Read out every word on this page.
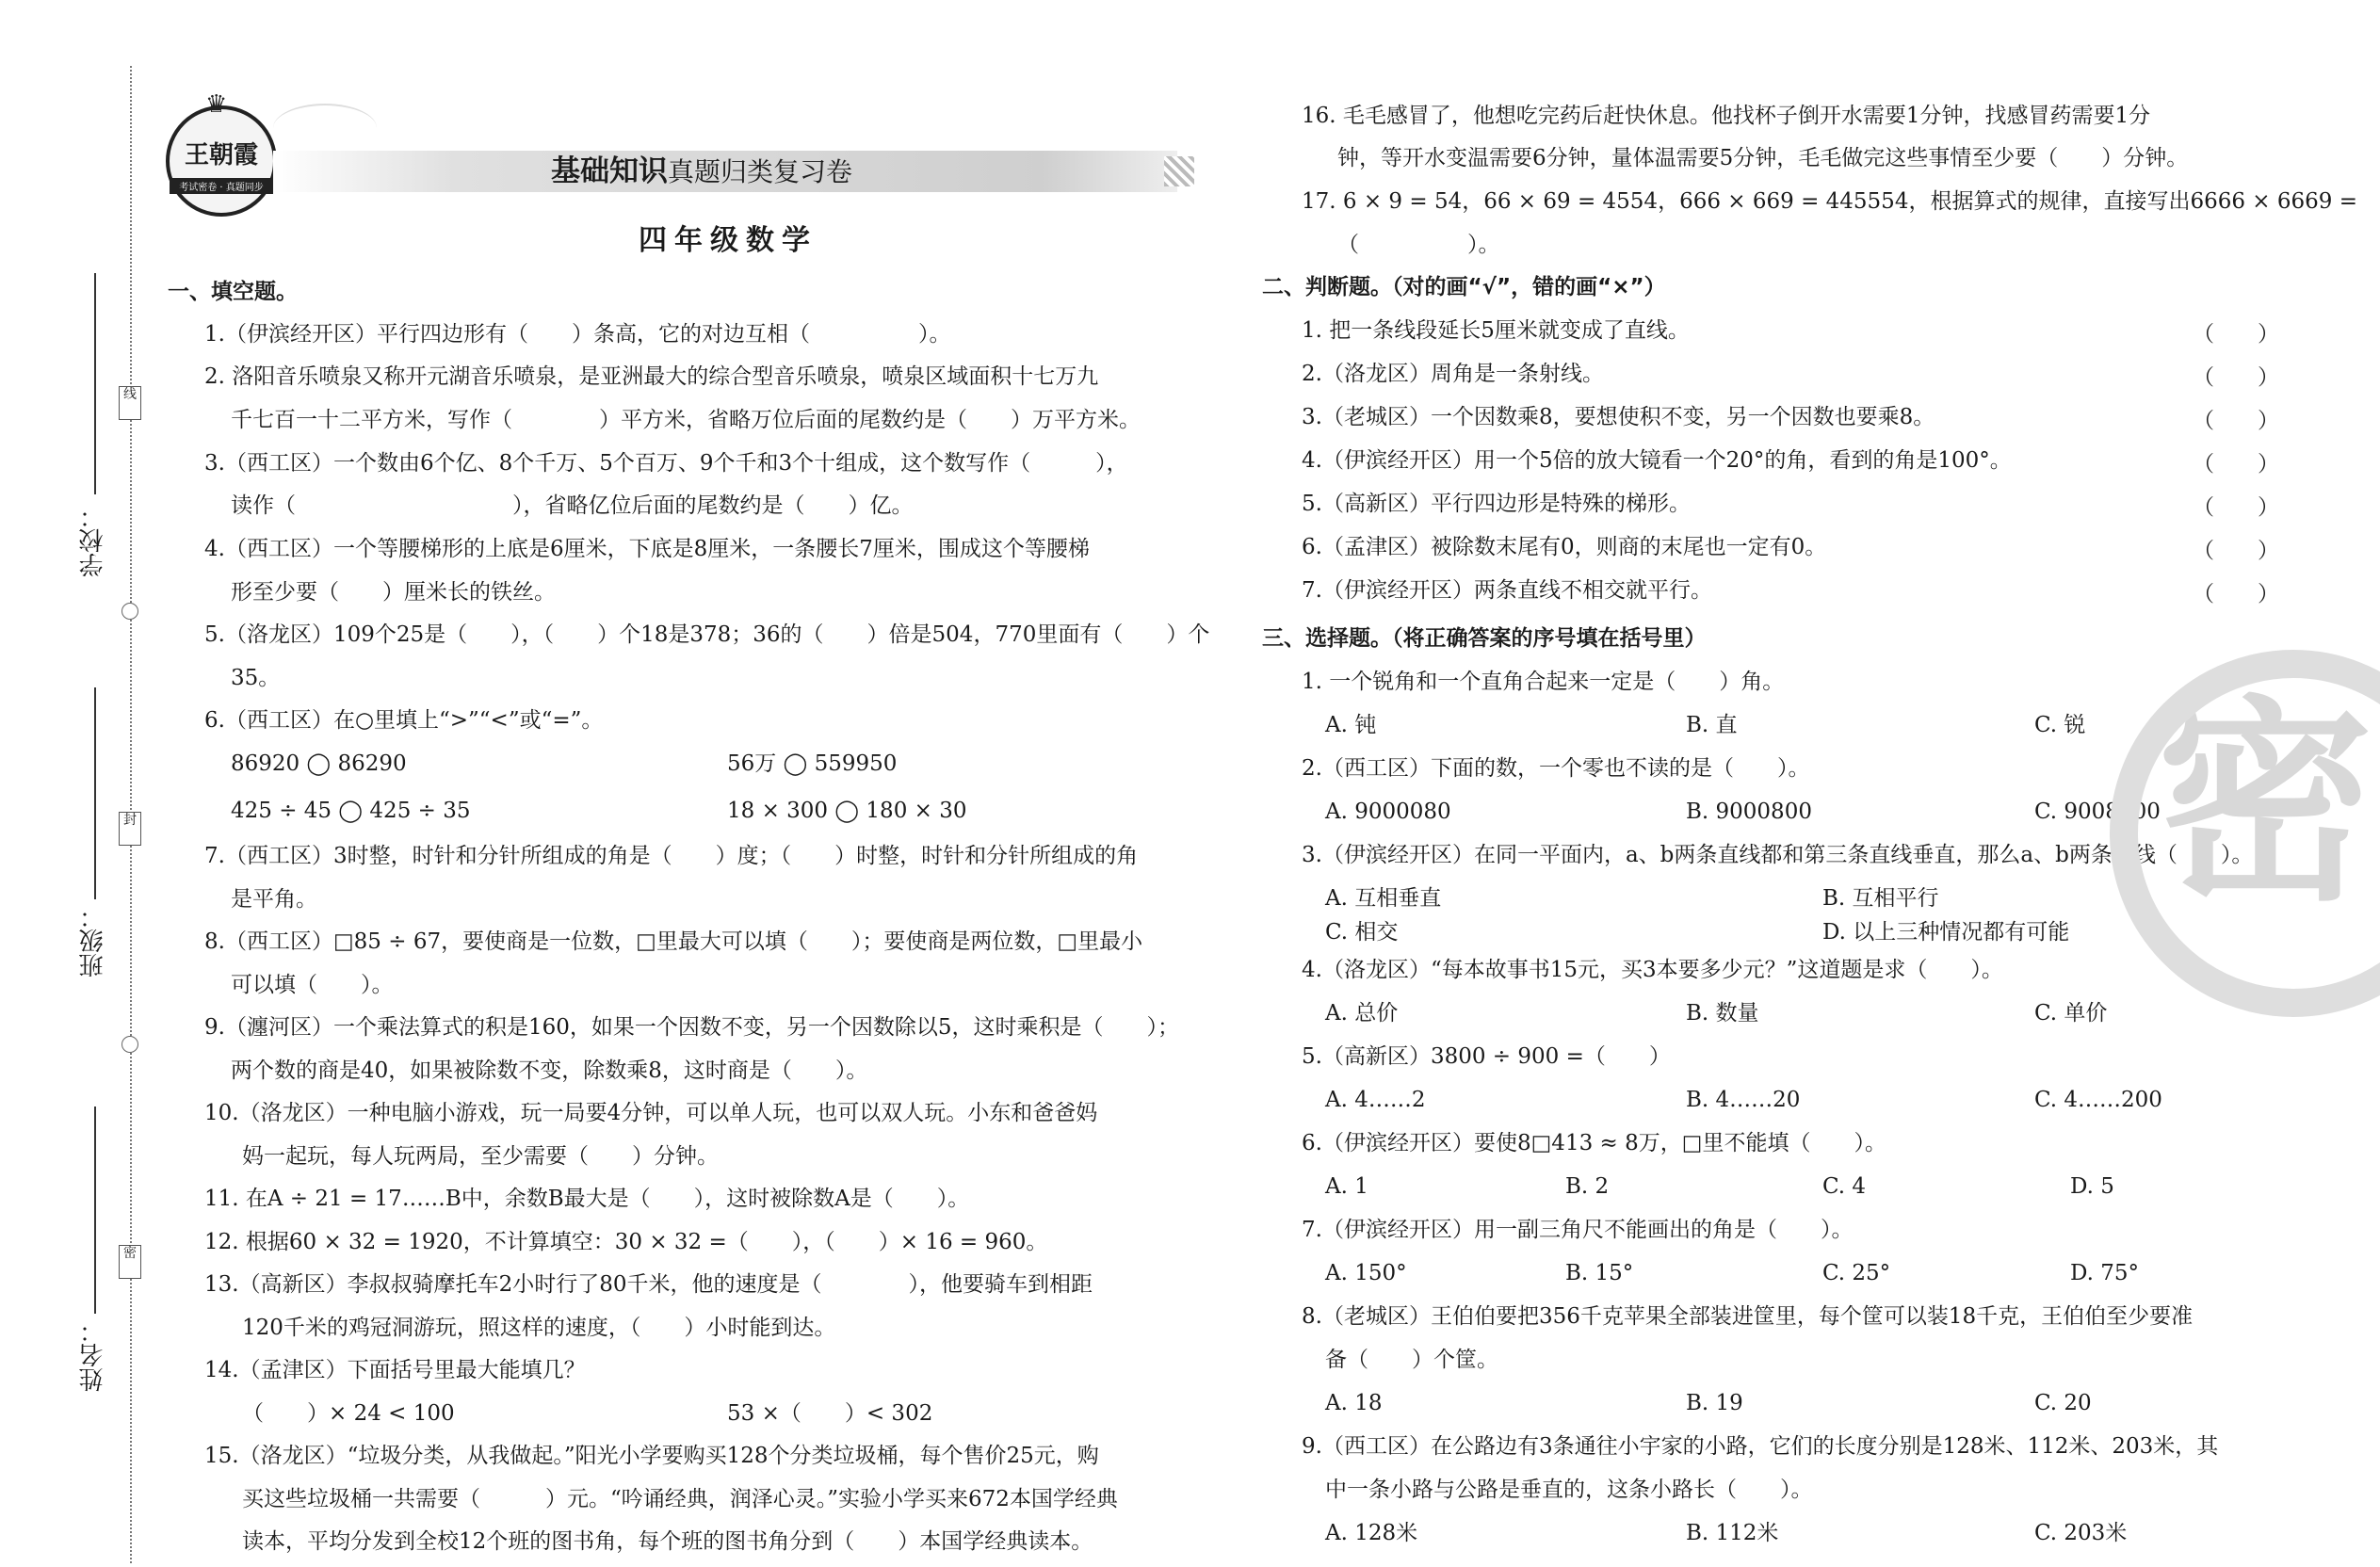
线
封
密
学校：
班级：
姓名：
♛
王朝霞
考试密卷 · 真题同步	基础知识真题归类复习卷
四年级数学
一、填空题。
1.（伊滨经开区）平行四边形有（　　）条高，它的对边互相（　　　　　）。
2. 洛阳音乐喷泉又称开元湖音乐喷泉，是亚洲最大的综合型音乐喷泉，喷泉区域面积十七万九
千七百一十二平方米，写作（　　　　）平方米，省略万位后面的尾数约是（　　）万平方米。
3.（西工区）一个数由6个亿、8个千万、5个百万、9个千和3个十组成，这个数写作（　　　），
读作（　　　　　　　　　　），省略亿位后面的尾数约是（　　）亿。
4.（西工区）一个等腰梯形的上底是6厘米，下底是8厘米，一条腰长7厘米，围成这个等腰梯
形至少要（　　）厘米长的铁丝。
5.（洛龙区）109个25是（　　），（　　）个18是378；36的（　　）倍是504，770里面有（　　）个
35。
6.（西工区）在○里填上“>”“<”或“=”。
86920 ◯ 86290	56万 ◯ 559950
425 ÷ 45 ◯ 425 ÷ 35	18 × 300 ◯ 180 × 30
7.（西工区）3时整，时针和分针所组成的角是（　　）度；（　　）时整，时针和分针所组成的角
是平角。
8.（西工区）□85 ÷ 67，要使商是一位数，□里最大可以填（　　）；要使商是两位数，□里最小
可以填（　　）。
9.（瀍河区）一个乘法算式的积是160，如果一个因数不变，另一个因数除以5，这时乘积是（　　）；
两个数的商是40，如果被除数不变，除数乘8，这时商是（　　）。
10.（洛龙区）一种电脑小游戏，玩一局要4分钟，可以单人玩，也可以双人玩。小东和爸爸妈
妈一起玩，每人玩两局，至少需要（　　）分钟。
11. 在A ÷ 21 = 17……B中，余数B最大是（　　），这时被除数A是（　　）。
12. 根据60 × 32 = 1920，不计算填空：30 × 32 =（　　），（　　）× 16 = 960。
13.（高新区）李叔叔骑摩托车2小时行了80千米，他的速度是（　　　　），他要骑车到相距
120千米的鸡冠洞游玩，照这样的速度，（　　）小时能到达。
14.（孟津区）下面括号里最大能填几？
（　　）× 24 < 100	53 ×（　　）< 302
15.（洛龙区）“垃圾分类，从我做起。”阳光小学要购买128个分类垃圾桶，每个售价25元，购
买这些垃圾桶一共需要（　　　）元。“吟诵经典，润泽心灵。”实验小学买来672本国学经典
读本，平均分发到全校12个班的图书角，每个班的图书角分到（　　）本国学经典读本。
16. 毛毛感冒了，他想吃完药后赶快休息。他找杯子倒开水需要1分钟，找感冒药需要1分
钟，等开水变温需要6分钟，量体温需要5分钟，毛毛做完这些事情至少要（　　）分钟。
17. 6 × 9 = 54，66 × 69 = 4554，666 × 669 = 445554，根据算式的规律，直接写出6666 × 6669 =
（　　　　　）。
二、判断题。（对的画“√”，错的画“×”）
1. 把一条线段延长5厘米就变成了直线。	（　　）
2.（洛龙区）周角是一条射线。	（　　）
3.（老城区）一个因数乘8，要想使积不变，另一个因数也要乘8。	（　　）
4.（伊滨经开区）用一个5倍的放大镜看一个20°的角，看到的角是100°。	（　　）
5.（高新区）平行四边形是特殊的梯形。	（　　）
6.（孟津区）被除数末尾有0，则商的末尾也一定有0。	（　　）
7.（伊滨经开区）两条直线不相交就平行。	（　　）
三、选择题。（将正确答案的序号填在括号里）
1. 一个锐角和一个直角合起来一定是（　　）角。
A. 钝	B. 直	C. 锐
2.（西工区）下面的数，一个零也不读的是（　　）。
A. 9000080	B. 9000800	C. 9008000
3.（伊滨经开区）在同一平面内，a、b两条直线都和第三条直线垂直，那么a、b两条直线（　　）。
A. 互相垂直	B. 互相平行
C. 相交	D. 以上三种情况都有可能
4.（洛龙区）“每本故事书15元，买3本要多少元？”这道题是求（　　）。
A. 总价	B. 数量	C. 单价
5.（高新区）3800 ÷ 900 =（　　）
A. 4……2	B. 4……20	C. 4……200
6.（伊滨经开区）要使8□413 ≈ 8万，□里不能填（　　）。
A. 1	B. 2	C. 4	D. 5
7.（伊滨经开区）用一副三角尺不能画出的角是（　　）。
A. 150°	B. 15°	C. 25°	D. 75°
8.（老城区）王伯伯要把356千克苹果全部装进筐里，每个筐可以装18千克，王伯伯至少要准
备（　　）个筐。
A. 18	B. 19	C. 20
9.（西工区）在公路边有3条通往小宇家的小路，它们的长度分别是128米、112米、203米，其
中一条小路与公路是垂直的，这条小路长（　　）。
A. 128米	B. 112米	C. 203米
密
